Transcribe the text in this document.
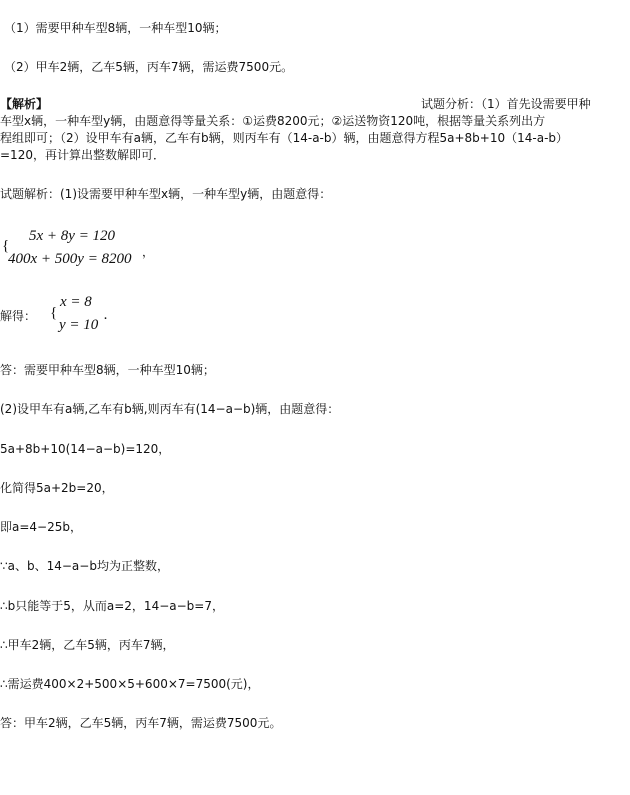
（1）需要甲种车型8辆，一种车型10辆；
（2）甲车2辆，乙车5辆，丙车7辆，需运费7500元。
【解析】	试题分析：（1）首先设需要甲种
车型x辆，一种车型y辆，由题意得等量关系：①运费8200元；②运送物资120吨，根据等量关系列出方
程组即可；（2）设甲车有a辆，乙车有b辆，则丙车有（14-a-b）辆，由题意得方程5a+8b+10（14-a-b）
=120，再计算出整数解即可．
试题解析：(1)设需要甲种车型x辆，一种车型y辆，由题意得：
{
5x + 8y = 120
400x + 500y = 8200 ，
解得： {
x = 8
y = 10
.
答：需要甲种车型8辆，一种车型10辆；
(2)设甲车有a辆,乙车有b辆,则丙车有(14−a−b)辆，由题意得：
5a+8b+10(14−a−b)=120，
化简得5a+2b=20，
即a=4−25b，
∵a、b、14−a−b均为正整数，
∴b只能等于5，从而a=2，14−a−b=7，
∴甲车2辆，乙车5辆，丙车7辆，
∴需运费400×2+500×5+600×7=7500(元)，
答：甲车2辆，乙车5辆，丙车7辆，需运费7500元。
